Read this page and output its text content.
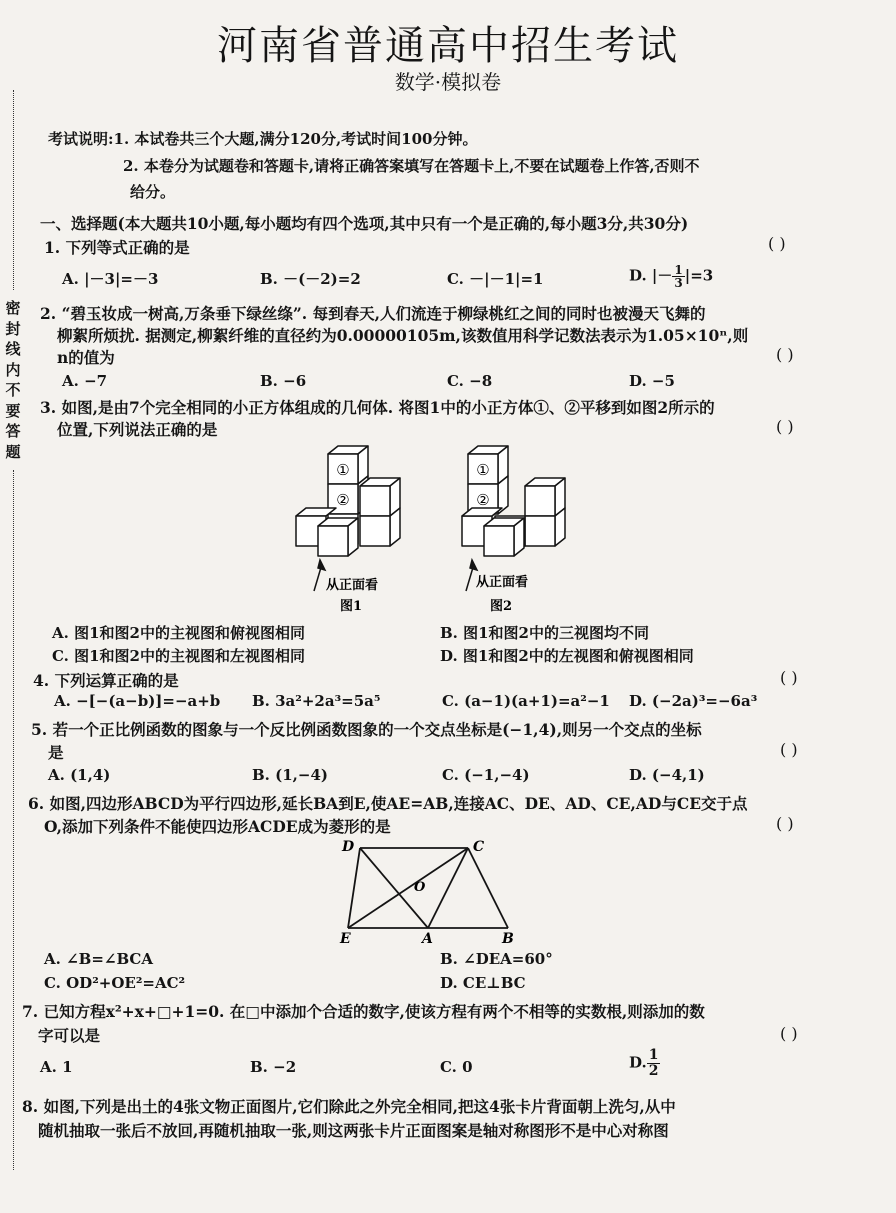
河南省普通高中招生考试
数学·模拟卷
密
封
线
内
不
要
答
题
考试说明:1. 本试卷共三个大题,满分120分,考试时间100分钟。
2. 本卷分为试题卷和答题卡,请将正确答案填写在答题卡上,不要在试题卷上作答,否则不
给分。
一、选择题(本大题共10小题,每小题均有四个选项,其中只有一个是正确的,每小题3分,共30分)
1. 下列等式正确的是	( )
A. |－3|=－3	B. －(－2)=2	C. －|－1|=1	D. |－ $\frac{1}{3} |=3$
2. “碧玉妆成一树高,万条垂下绿丝绦”. 每到春天,人们流连于柳绿桃红之间的同时也被漫天飞舞的
柳絮所烦扰. 据测定,柳絮纤维的直径约为0.00000105m,该数值用科学记数法表示为1.05×10ⁿ,则
n的值为	( )
A. −7	B. −6	C. −8	D. −5
3. 如图,是由7个完全相同的小正方体组成的几何体. 将图1中的小正方体①、②平移到如图2所示的
位置,下列说法正确的是	( )
①
②
①
②
从正面看	从正面看
图1	图2
A. 图1和图2中的主视图和俯视图相同	B. 图1和图2中的三视图均不同
C. 图1和图2中的主视图和左视图相同	D. 图1和图2中的左视图和俯视图相同
4. 下列运算正确的是	( )
A. −[−(a−b)]=−a+b B. 3a²+2a³=5a⁵	C. (a−1)(a+1)=a²−1 D. (−2a)³=−6a³
5. 若一个正比例函数的图象与一个反比例函数图象的一个交点坐标是(−1,4),则另一个交点的坐标
是	( )
A. (1,4)	B. (1,−4)	C. (−1,−4)	D. (−4,1)
6. 如图,四边形ABCD为平行四边形,延长BA到E,使AE=AB,连接AC、DE、AD、CE,AD与CE交于点
O,添加下列条件不能使四边形ACDE成为菱形的是	( )
D	C
O
E	A	B
A. ∠B=∠BCA	B. ∠DEA=60°
C. OD²+OE²=AC²	D. CE⊥BC
7. 已知方程x²+x+□+1=0. 在□中添加个合适的数字,使该方程有两个不相等的实数根,则添加的数
字可以是	( )
A. 1	B. −2	C. 0	D. $\frac{1}{2}$
8. 如图,下列是出土的4张文物正面图片,它们除此之外完全相同,把这4张卡片背面朝上洗匀,从中
随机抽取一张后不放回,再随机抽取一张,则这两张卡片正面图案是轴对称图形不是中心对称图
